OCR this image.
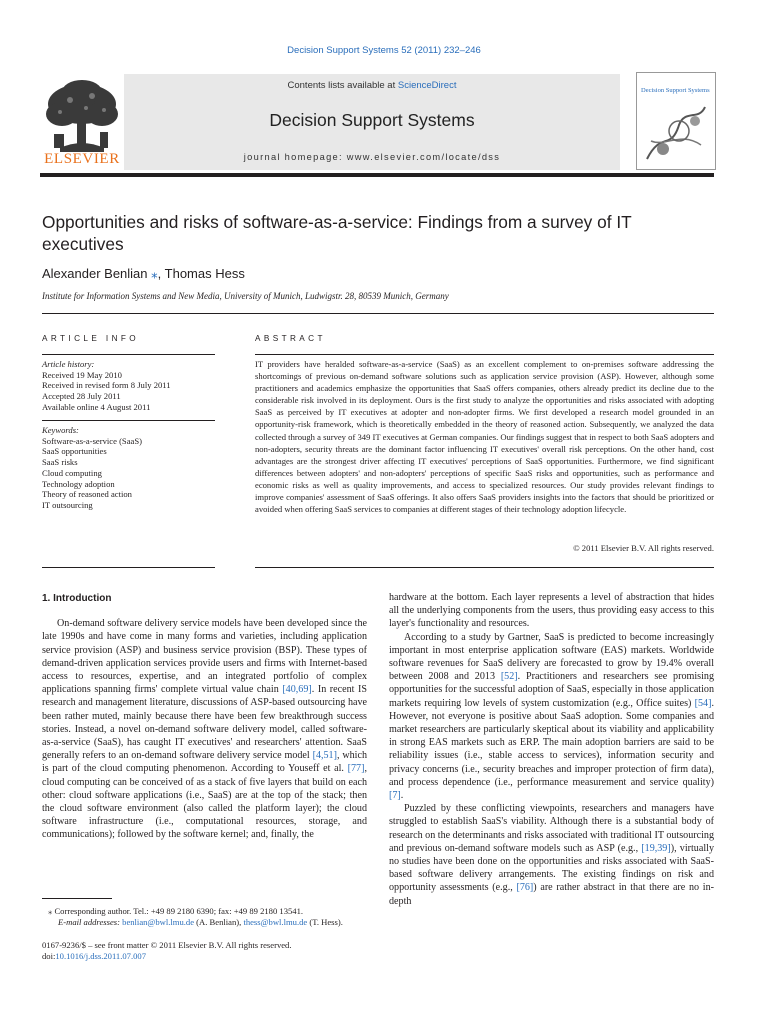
Decision Support Systems 52 (2011) 232–246
Contents lists available at ScienceDirect
Decision Support Systems
journal homepage: www.elsevier.com/locate/dss
ELSEVIER
Decision Support Systems
Opportunities and risks of software-as-a-service: Findings from a survey of IT executives
Alexander Benlian ⁎, Thomas Hess
Institute for Information Systems and New Media, University of Munich, Ludwigstr. 28, 80539 Munich, Germany
ARTICLE INFO
Article history:
Received 19 May 2010
Received in revised form 8 July 2011
Accepted 28 July 2011
Available online 4 August 2011
Keywords:
Software-as-a-service (SaaS)
SaaS opportunities
SaaS risks
Cloud computing
Technology adoption
Theory of reasoned action
IT outsourcing
ABSTRACT
IT providers have heralded software-as-a-service (SaaS) as an excellent complement to on-premises software addressing the shortcomings of previous on-demand software solutions such as application service provision (ASP). However, although some practitioners and academics emphasize the opportunities that SaaS offers companies, others already predict its decline due to the considerable risk involved in its deployment. Ours is the first study to analyze the opportunities and risks associated with adopting SaaS as perceived by IT executives at adopter and non-adopter firms. We first developed a research model grounded in an opportunity-risk framework, which is theoretically embedded in the theory of reasoned action. Subsequently, we analyzed the data collected through a survey of 349 IT executives at German companies. Our findings suggest that in respect to both SaaS adopters and non-adopters, security threats are the dominant factor influencing IT executives' overall risk perceptions. On the other hand, cost advantages are the strongest driver affecting IT executives' perceptions of SaaS opportunities. Furthermore, we find significant differences between adopters' and non-adopters' perceptions of specific SaaS risks and opportunities, such as performance and economic risks as well as quality improvements, and access to specialized resources. Our study provides relevant findings to improve companies' assessment of SaaS offerings. It also offers SaaS providers insights into the factors that should be prioritized or avoided when offering SaaS services to companies at different stages of their technology adoption lifecycle.
© 2011 Elsevier B.V. All rights reserved.
1. Introduction

On-demand software delivery service models have been developed since the late 1990s and have come in many forms and varieties, including application service provision (ASP) and business service provision (BSP). These types of demand-driven application services provide users and firms with Internet-based access to resources, expertise, and an integrated portfolio of complex applications spanning firms' complete virtual value chain [40,69]. In recent IS research and management literature, discussions of ASP-based outsourcing have been rather muted, mainly because there have been few breakthrough success stories. Instead, a novel on-demand software delivery model, called software-as-a-service (SaaS), has caught IT executives' and researchers' attention. SaaS generally refers to an on-demand software delivery service model [4,51], which is part of the cloud computing phenomenon. According to Youseff et al. [77], cloud computing can be conceived of as a stack of five layers that build on each other: cloud software applications (i.e., SaaS) are at the top of the stack; then the cloud software environment (also called the platform layer); the cloud software infrastructure (i.e., computational resources, storage, and communications); followed by the software kernel; and, finally, the

hardware at the bottom. Each layer represents a level of abstraction that hides all the underlying components from the users, thus providing easy access to this layer's functionality and resources.

According to a study by Gartner, SaaS is predicted to become increasingly important in most enterprise application software (EAS) markets. Worldwide software revenues for SaaS delivery are forecasted to grow by 19.4% overall between 2008 and 2013 [52]. Practitioners and researchers see promising opportunities for the successful adoption of SaaS, especially in those application markets requiring low levels of system customization (e.g., Office suites) [54]. However, not everyone is positive about SaaS adoption. Some companies and market researchers are particularly skeptical about its viability and applicability in strong EAS markets such as ERP. The main adoption barriers are said to be reliability issues (i.e., stable access to services), information security and privacy concerns (i.e., security breaches and improper protection of firm data), and process dependence (i.e., performance measurement and service quality) [7].

Puzzled by these conflicting viewpoints, researchers and managers have struggled to establish SaaS's viability. Although there is a substantial body of research on the determinants and risks associated with traditional IT outsourcing and previous on-demand software models such as ASP (e.g., [19,39]), virtually no studies have been done on the opportunities and risks associated with SaaS-based software delivery arrangements. The existing findings on risk and opportunity assessments (e.g., [76]) are rather abstract in that there are no in-depth

⁎ Corresponding author. Tel.: +49 89 2180 6390; fax: +49 89 2180 13541.
E-mail addresses: benlian@bwl.lmu.de (A. Benlian), thess@bwl.lmu.de (T. Hess).
0167-9236/$ – see front matter © 2011 Elsevier B.V. All rights reserved.
doi:10.1016/j.dss.2011.07.007
